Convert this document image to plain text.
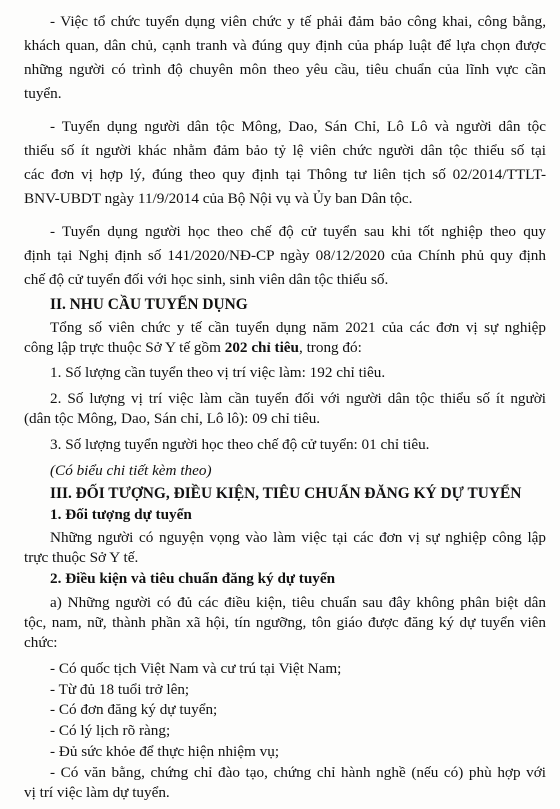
- Việc tổ chức tuyển dụng viên chức y tế phải đảm bảo công khai, công bằng,
khách quan, dân chủ, cạnh tranh và đúng quy định của pháp luật để lựa chọn được
những người có trình độ chuyên môn theo yêu cầu, tiêu chuẩn của lĩnh vực cần
tuyển.
- Tuyển dụng người dân tộc Mông, Dao, Sán Chỉ, Lô Lô và người dân tộc
thiểu số ít người khác nhằm đảm bảo tỷ lệ viên chức người dân tộc thiểu số tại
các đơn vị hợp lý, đúng theo quy định tại Thông tư liên tịch số 02/2014/TTLT-
BNV-UBDT ngày 11/9/2014 của Bộ Nội vụ và Ủy ban Dân tộc.
- Tuyển dụng người học theo chế độ cử tuyển sau khi tốt nghiệp theo quy
định tại Nghị định số 141/2020/NĐ-CP ngày 08/12/2020 của Chính phủ quy định
chế độ cử tuyển đối với học sinh, sinh viên dân tộc thiểu số.
II. NHU CẦU TUYỂN DỤNG
Tổng số viên chức y tế cần tuyển dụng năm 2021 của các đơn vị sự nghiệp
công lập trực thuộc Sở Y tế gồm 202 chỉ tiêu, trong đó:
1. Số lượng cần tuyển theo vị trí việc làm: 192 chỉ tiêu.
2. Số lượng vị trí việc làm cần tuyển đối với người dân tộc thiểu số ít người
(dân tộc Mông, Dao, Sán chỉ, Lô lô): 09 chỉ tiêu.
3. Số lượng tuyển người học theo chế độ cử tuyển: 01 chỉ tiêu.
(Có biểu chi tiết kèm theo)
III. ĐỐI TƯỢNG, ĐIỀU KIỆN, TIÊU CHUẨN ĐĂNG KÝ DỰ TUYỂN
1. Đối tượng dự tuyển
Những người có nguyện vọng vào làm việc tại các đơn vị sự nghiệp công lập
trực thuộc Sở Y tế.
2. Điều kiện và tiêu chuẩn đăng ký dự tuyển
a) Những người có đủ các điều kiện, tiêu chuẩn sau đây không phân biệt dân
tộc, nam, nữ, thành phần xã hội, tín ngưỡng, tôn giáo được đăng ký dự tuyển viên
chức:
- Có quốc tịch Việt Nam và cư trú tại Việt Nam;
- Từ đủ 18 tuổi trở lên;
- Có đơn đăng ký dự tuyển;
- Có lý lịch rõ ràng;
- Đủ sức khỏe để thực hiện nhiệm vụ;
- Có văn bằng, chứng chỉ đào tạo, chứng chỉ hành nghề (nếu có) phù hợp với
vị trí việc làm dự tuyển.
